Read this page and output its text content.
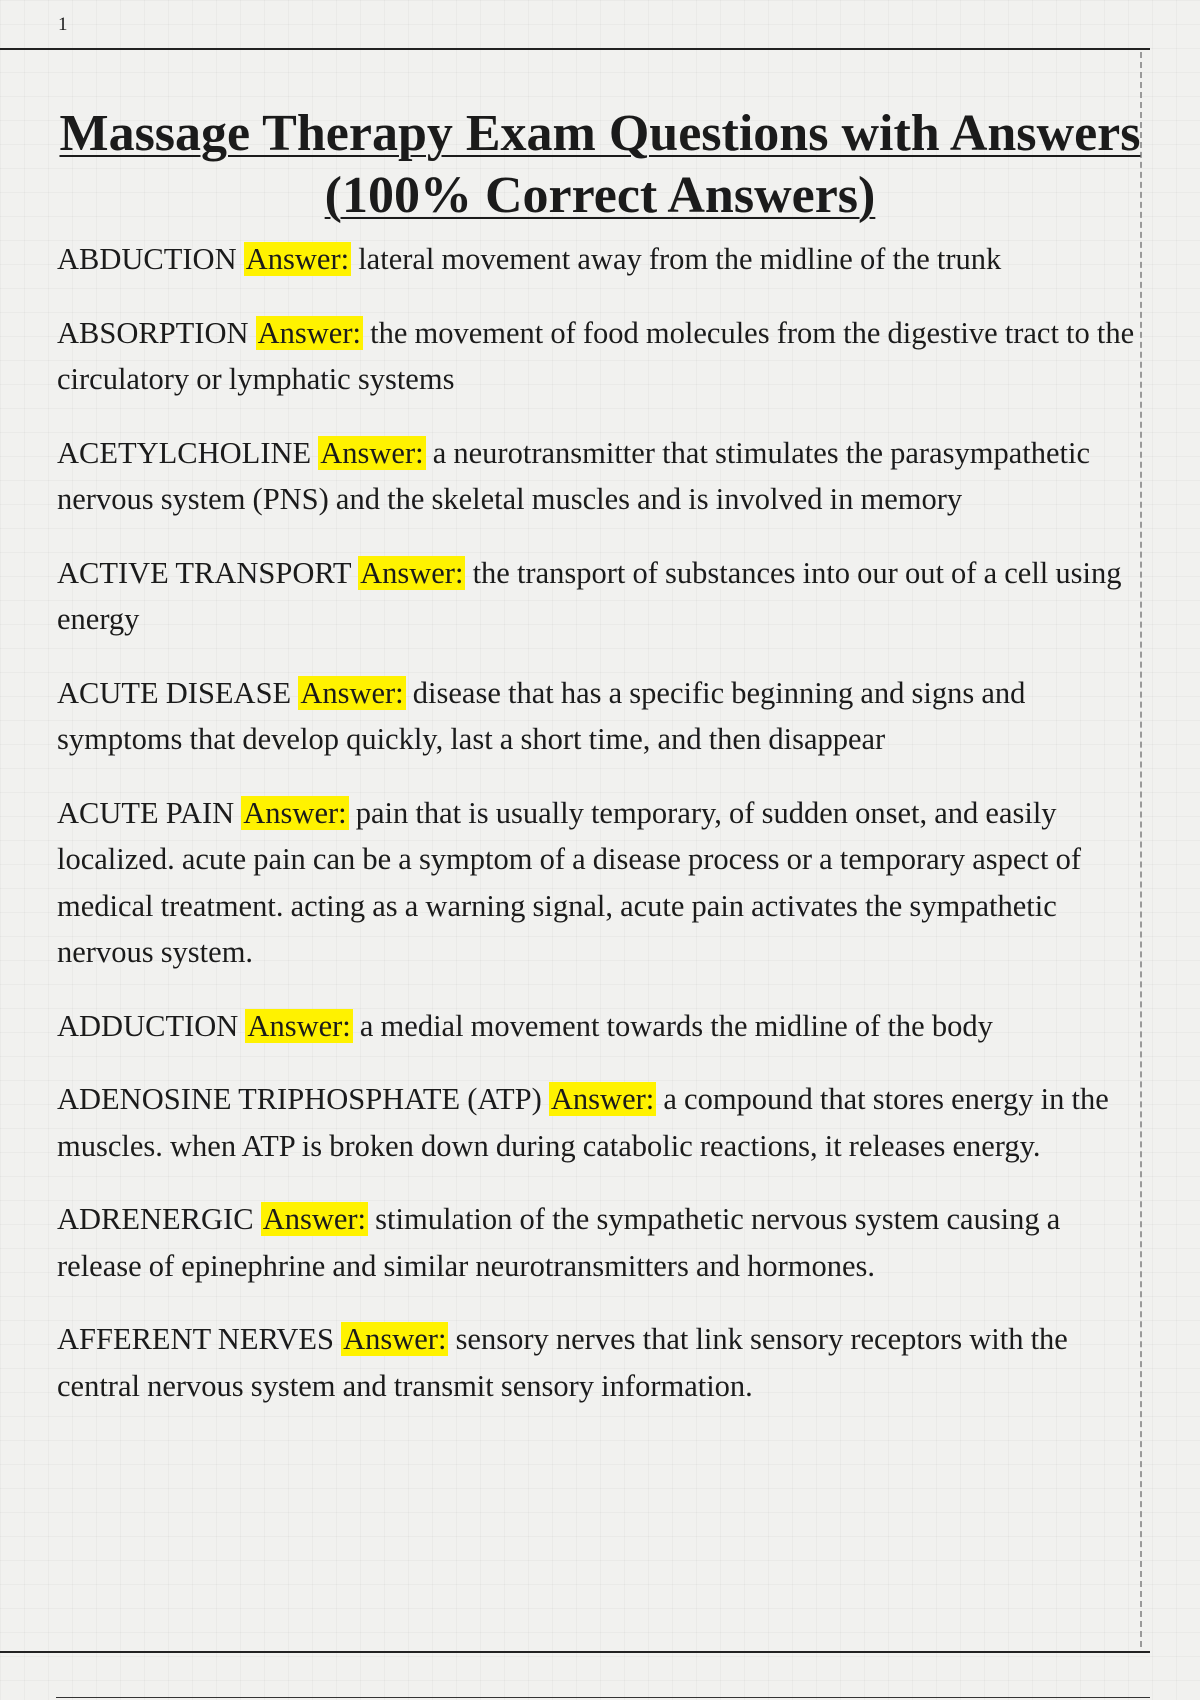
1
Massage Therapy Exam Questions with Answers (100% Correct Answers)

ABDUCTION Answer: lateral movement away from the midline of the trunk

ABSORPTION Answer: the movement of food molecules from the digestive tract to the circulatory or lymphatic systems

ACETYLCHOLINE Answer: a neurotransmitter that stimulates the parasympathetic nervous system (PNS) and the skeletal muscles and is involved in memory

ACTIVE TRANSPORT Answer: the transport of substances into our out of a cell using energy

ACUTE DISEASE Answer: disease that has a specific beginning and signs and symptoms that develop quickly, last a short time, and then disappear

ACUTE PAIN Answer: pain that is usually temporary, of sudden onset, and easily localized. acute pain can be a symptom of a disease process or a temporary aspect of medical treatment. acting as a warning signal, acute pain activates the sympathetic nervous system.

ADDUCTION Answer: a medial movement towards the midline of the body

ADENOSINE TRIPHOSPHATE (ATP) Answer: a compound that stores energy in the muscles. when ATP is broken down during catabolic reactions, it releases energy.

ADRENERGIC Answer: stimulation of the sympathetic nervous system causing a release of epinephrine and similar neurotransmitters and hormones.

AFFERENT NERVES Answer: sensory nerves that link sensory receptors with the central nervous system and transmit sensory information.
